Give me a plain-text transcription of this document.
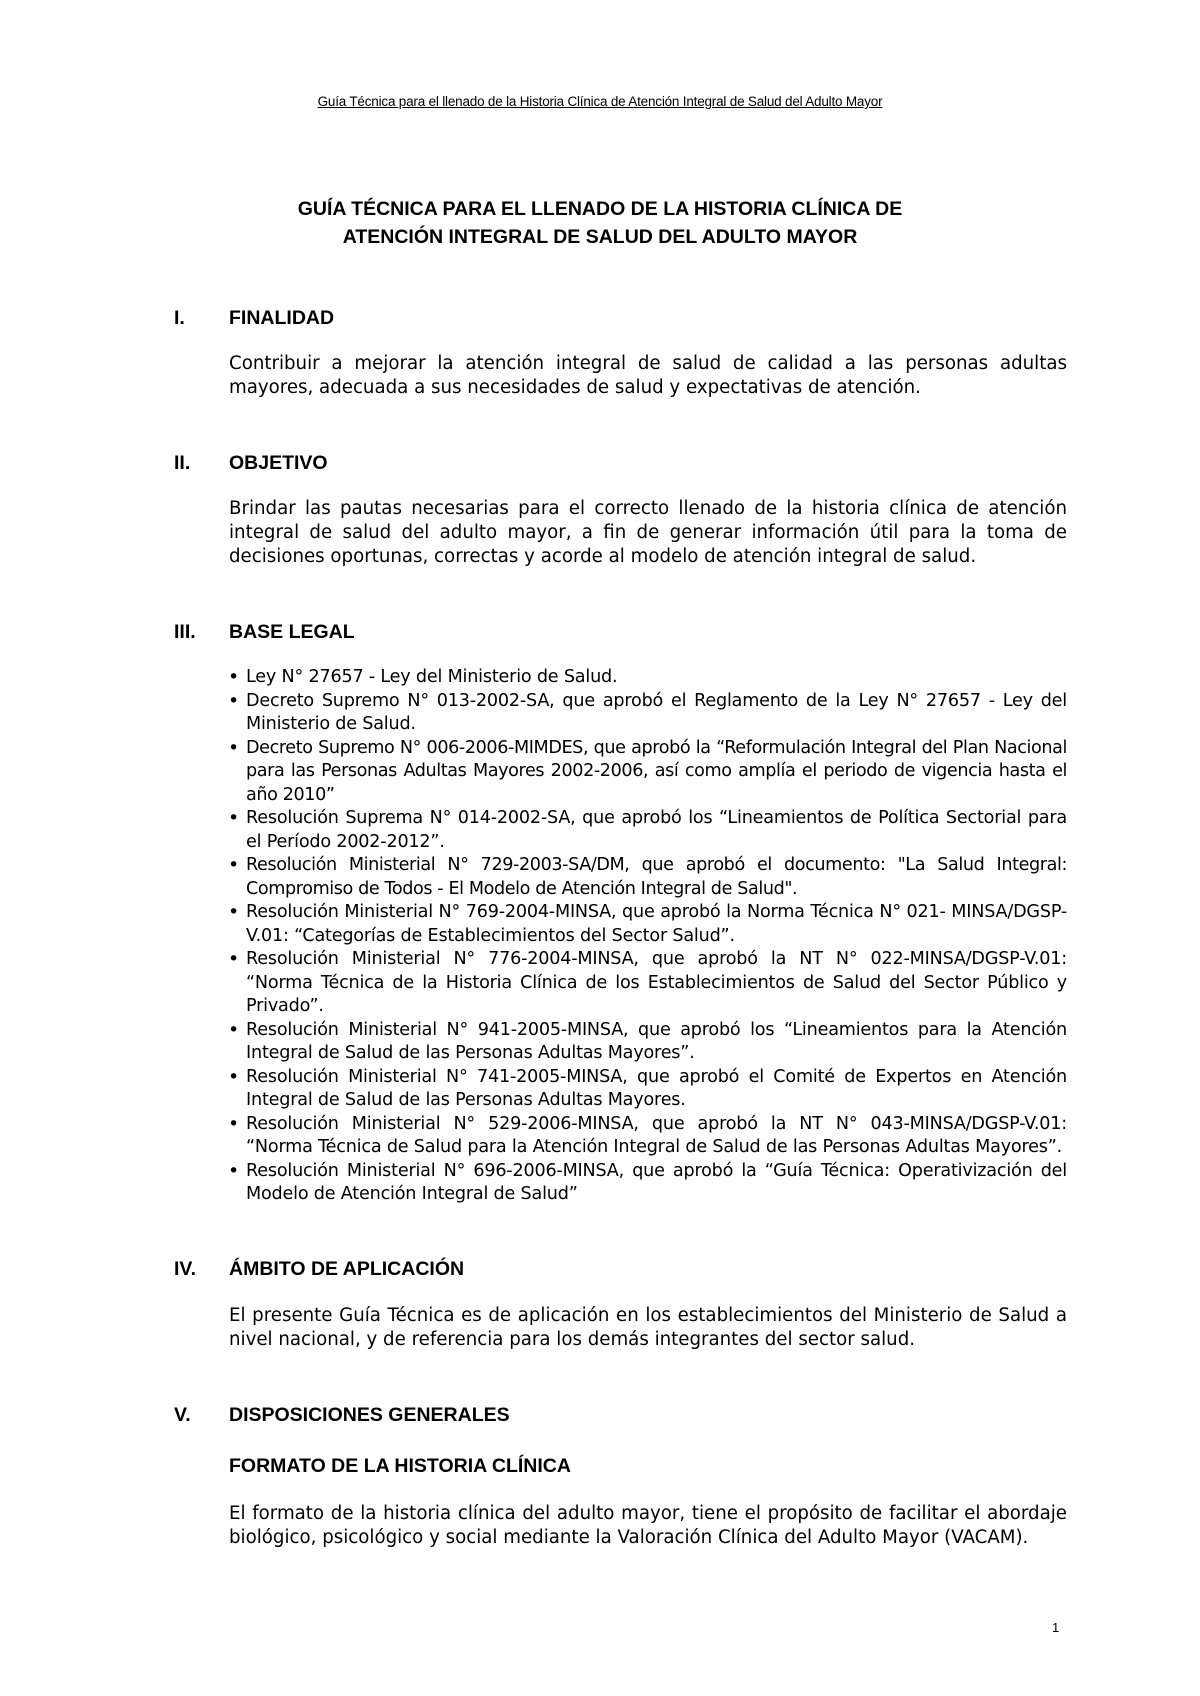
Guía Técnica para el llenado de la Historia Clínica de Atención Integral de Salud del Adulto Mayor
GUÍA TÉCNICA PARA EL LLENADO DE LA HISTORIA CLÍNICA DE
ATENCIÓN INTEGRAL DE SALUD DEL ADULTO MAYOR
I. FINALIDAD
Contribuir a mejorar la atención integral de salud de calidad a las personas adultas mayores, adecuada a sus necesidades de salud y expectativas de atención.
II. OBJETIVO
Brindar las pautas necesarias para el correcto llenado de la historia clínica de atención integral de salud del adulto mayor, a fin de generar información útil para la toma de decisiones oportunas, correctas y acorde al modelo de atención integral de salud.
III. BASE LEGAL
• Ley N° 27657 - Ley del Ministerio de Salud.
• Decreto Supremo N° 013-2002-SA, que aprobó el Reglamento de la Ley N° 27657 - Ley del Ministerio de Salud.
• Decreto Supremo N° 006-2006-MIMDES, que aprobó la “Reformulación Integral del Plan Nacional para las Personas Adultas Mayores 2002-2006, así como amplía el periodo de vigencia hasta el año 2010”
• Resolución Suprema N° 014-2002-SA, que aprobó los “Lineamientos de Política Sectorial para el Período 2002-2012”.
• Resolución Ministerial N° 729-2003-SA/DM, que aprobó el documento: "La Salud Integral: Compromiso de Todos - El Modelo de Atención Integral de Salud".
• Resolución Ministerial N° 769-2004-MINSA, que aprobó la Norma Técnica N° 021- MINSA/DGSP-V.01: “Categorías de Establecimientos del Sector Salud”.
• Resolución Ministerial N° 776-2004-MINSA, que aprobó la NT N° 022-MINSA/DGSP-V.01: “Norma Técnica de la Historia Clínica de los Establecimientos de Salud del Sector Público y Privado”.
• Resolución Ministerial N° 941-2005-MINSA, que aprobó los “Lineamientos para la Atención Integral de Salud de las Personas Adultas Mayores”.
• Resolución Ministerial N° 741-2005-MINSA, que aprobó el Comité de Expertos en Atención Integral de Salud de las Personas Adultas Mayores.
• Resolución Ministerial N° 529-2006-MINSA, que aprobó la NT N° 043-MINSA/DGSP-V.01: “Norma Técnica de Salud para la Atención Integral de Salud de las Personas Adultas Mayores”.
• Resolución Ministerial N° 696-2006-MINSA, que aprobó la “Guía Técnica: Operativización del Modelo de Atención Integral de Salud”
IV. ÁMBITO DE APLICACIÓN
El presente Guía Técnica es de aplicación en los establecimientos del Ministerio de Salud a nivel nacional, y de referencia para los demás integrantes del sector salud.
V. DISPOSICIONES GENERALES
FORMATO DE LA HISTORIA CLÍNICA
El formato de la historia clínica del adulto mayor, tiene el propósito de facilitar el abordaje biológico, psicológico y social mediante la Valoración Clínica del Adulto Mayor (VACAM).
1
